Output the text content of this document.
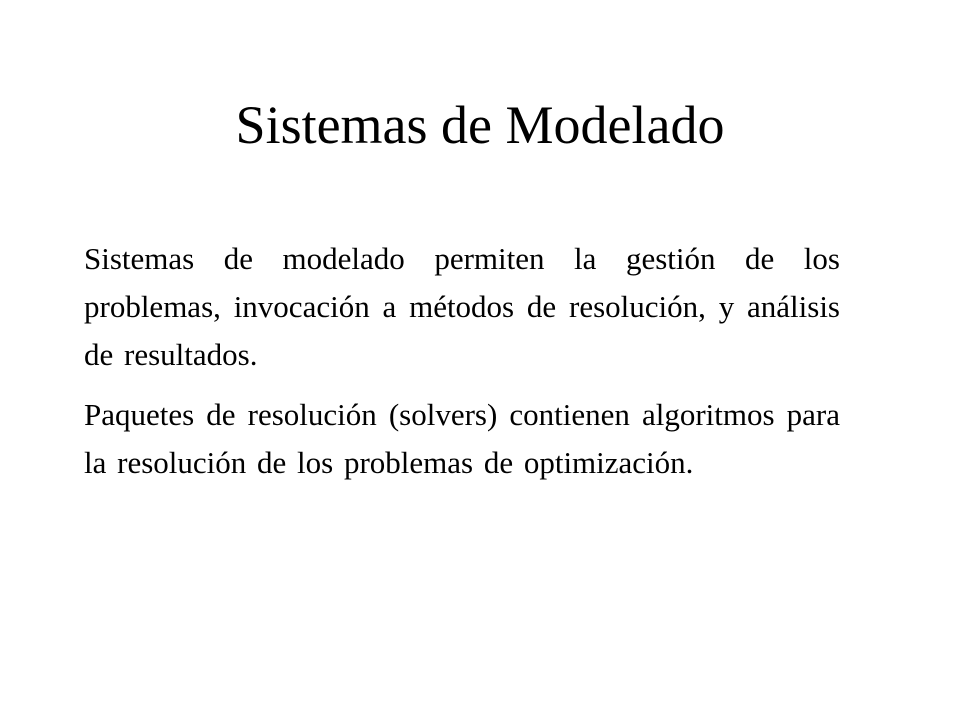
Sistemas de Modelado

Sistemas de modelado permiten la gestión de los problemas, invocación a métodos de resolución, y análisis de resultados.

Paquetes de resolución (solvers) contienen algoritmos para la resolución de los problemas de optimización.
